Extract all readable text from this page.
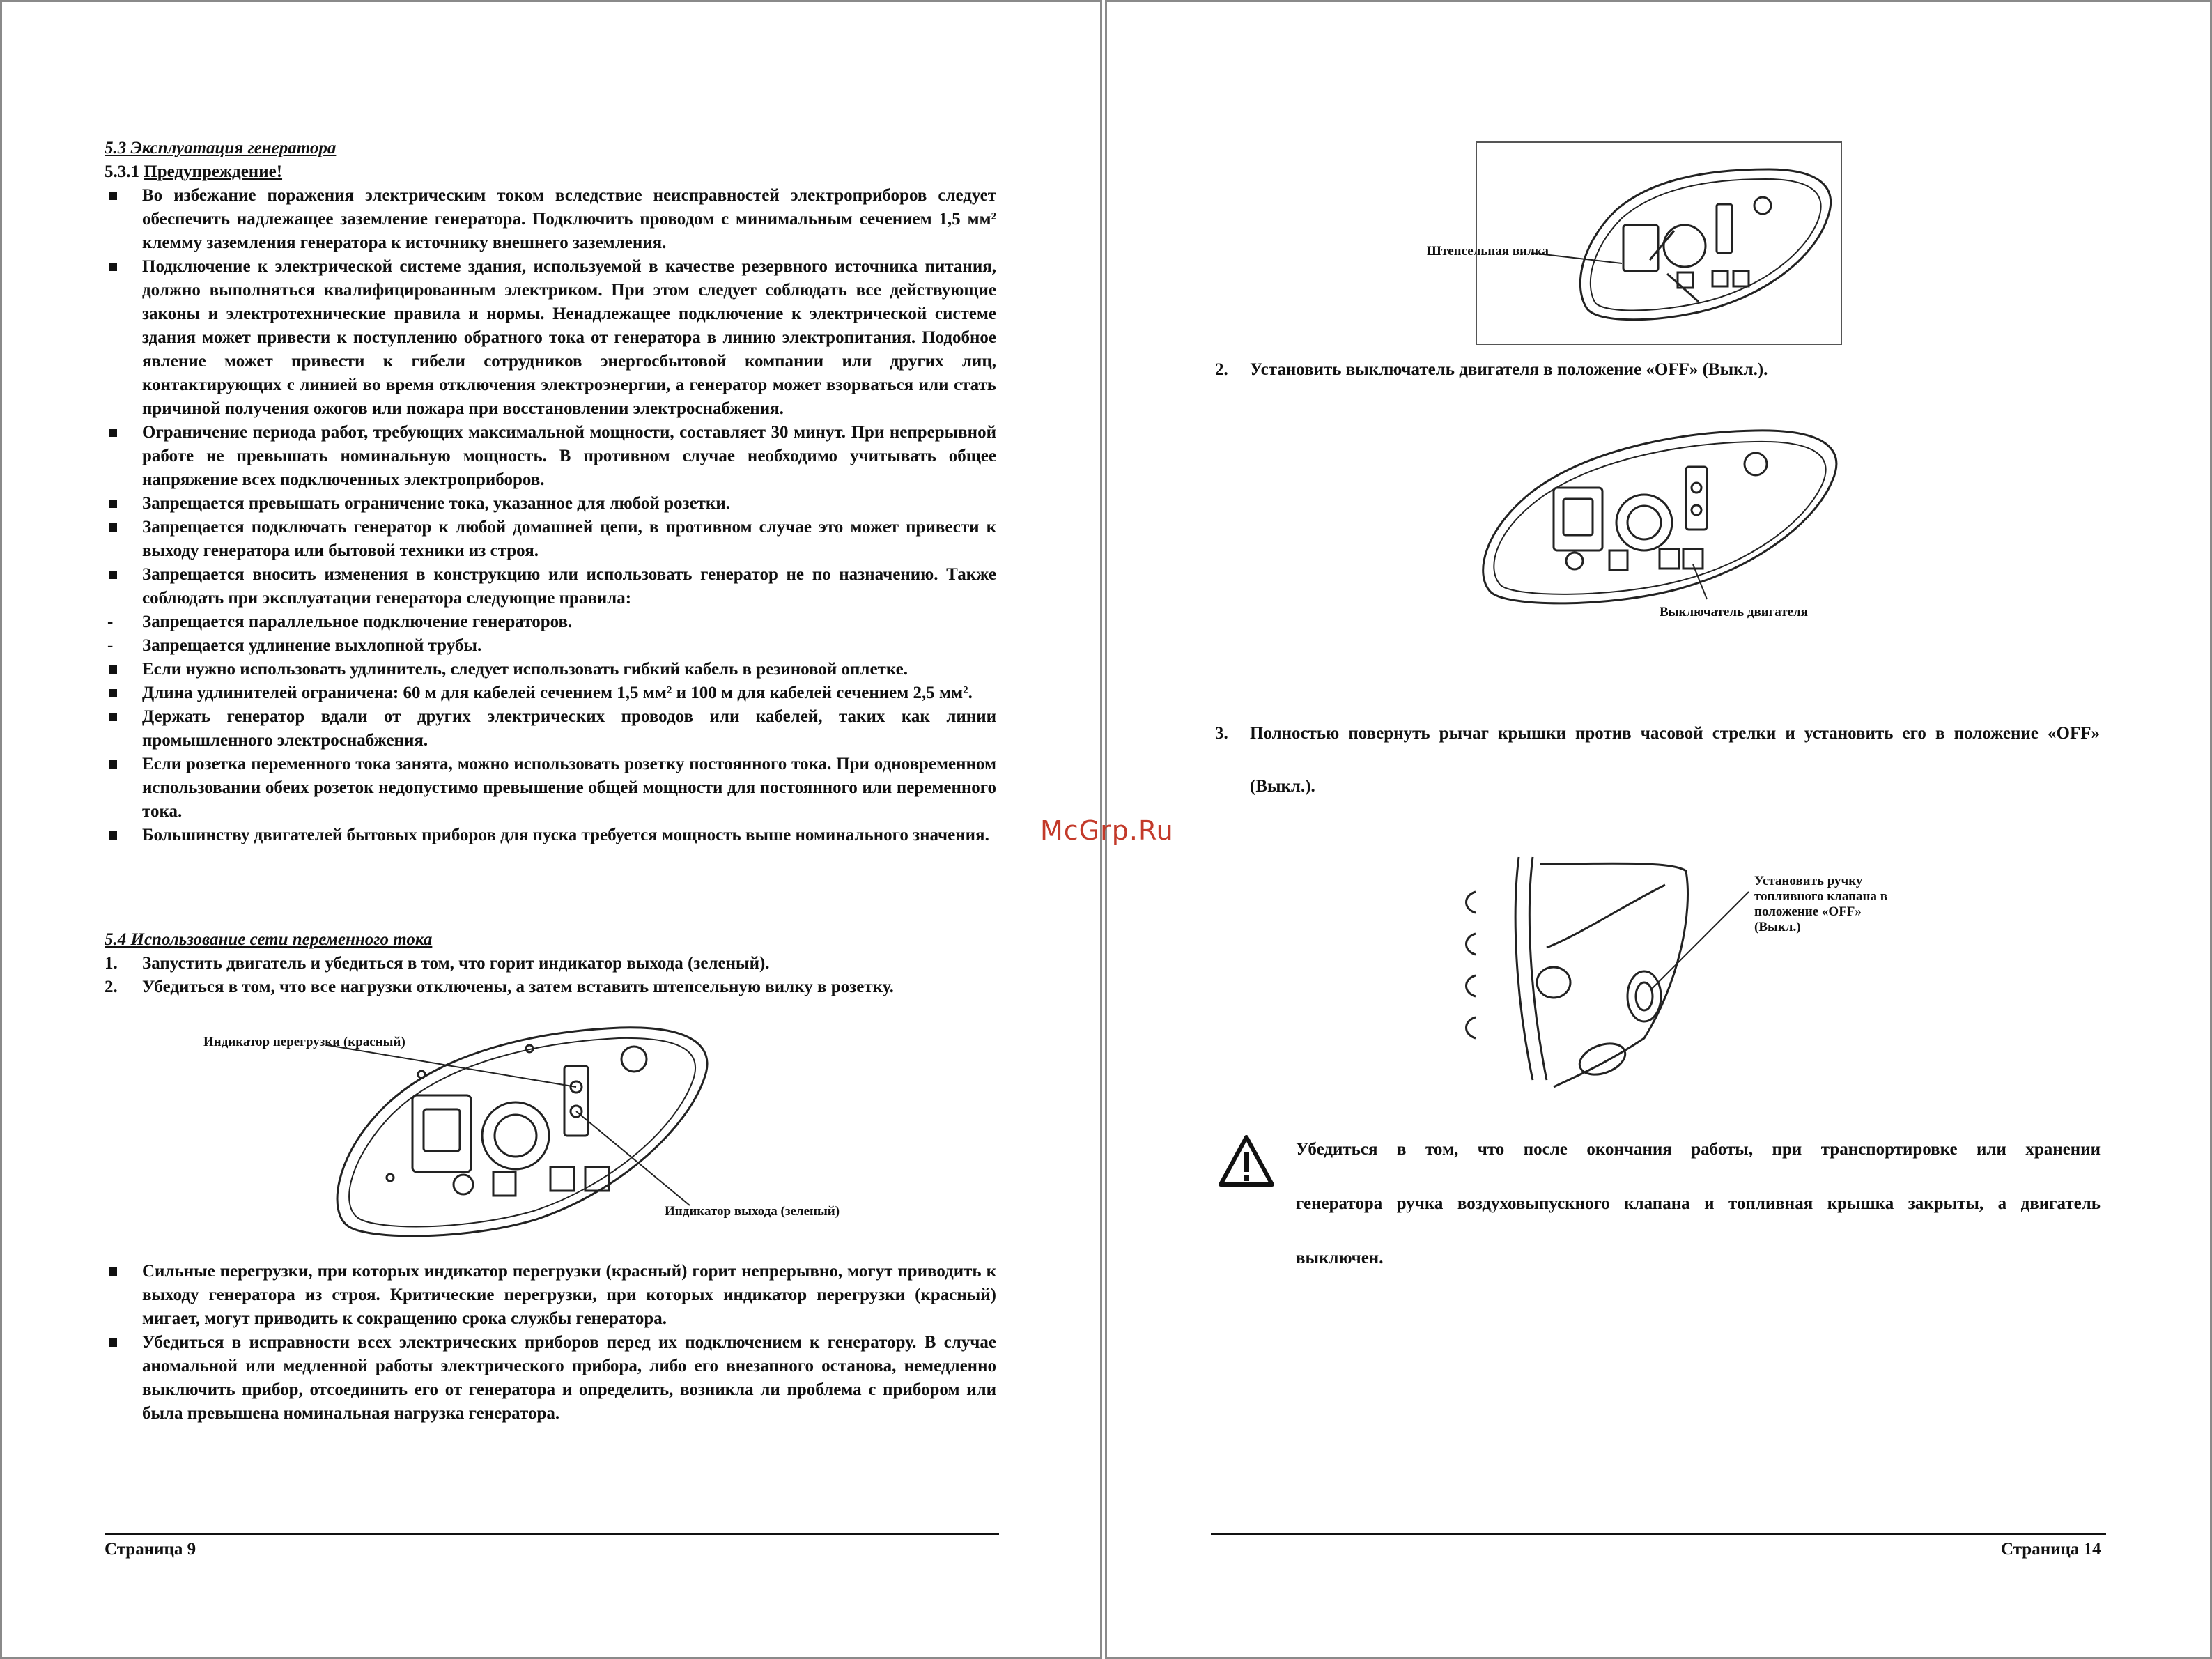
5.3 Эксплуатация генератора
5.3.1 Предупреждение!
Во избежание поражения электрическим током вследствие неисправностей электроприборов следует обеспечить надлежащее заземление генератора. Подключить проводом с минимальным сечением 1,5 мм² клемму заземления генератора к источнику внешнего заземления.
Подключение к электрической системе здания, используемой в качестве резервного источника питания, должно выполняться квалифицированным электриком. При этом следует соблюдать все действующие законы и электротехнические правила и нормы. Ненадлежащее подключение к электрической системе здания может привести к поступлению обратного тока от генератора в линию электропитания. Подобное явление может привести к гибели сотрудников энергосбытовой компании или других лиц, контактирующих с линией во время отключения электроэнергии, а генератор может взорваться или стать причиной получения ожогов или пожара при восстановлении электроснабжения.
Ограничение периода работ, требующих максимальной мощности, составляет 30 минут. При непрерывной работе не превышать номинальную мощность. В противном случае необходимо учитывать общее напряжение всех подключенных электроприборов.
Запрещается превышать ограничение тока, указанное для любой розетки.
Запрещается подключать генератор к любой домашней цепи, в противном случае это может привести к выходу генератора или бытовой техники из строя.
Запрещается вносить изменения в конструкцию или использовать генератор не по назначению. Также соблюдать при эксплуатации генератора следующие правила:
Запрещается параллельное подключение генераторов.
Запрещается удлинение выхлопной трубы.
Если нужно использовать удлинитель, следует использовать гибкий кабель в резиновой оплетке.
Длина удлинителей ограничена: 60 м для кабелей сечением 1,5 мм² и 100 м для кабелей сечением 2,5 мм².
Держать генератор вдали от других электрических проводов или кабелей, таких как линии промышленного электроснабжения.
Если розетка переменного тока занята, можно использовать розетку постоянного тока. При одновременном использовании обеих розеток недопустимо превышение общей мощности для постоянного или переменного тока.
Большинству двигателей бытовых приборов для пуска требуется мощность выше номинального значения.
5.4 Использование сети переменного тока
1. Запустить двигатель и убедиться в том, что горит индикатор выхода (зеленый).
2. Убедиться в том, что все нагрузки отключены, а затем вставить штепсельную вилку в розетку.
Индикатор перегрузки (красный)
Индикатор выхода (зеленый)
Сильные перегрузки, при которых индикатор перегрузки (красный) горит непрерывно, могут приводить к выходу генератора из строя. Критические перегрузки, при которых индикатор перегрузки (красный) мигает, могут приводить к сокращению срока службы генератора.
Убедиться в исправности всех электрических приборов перед их подключением к генератору. В случае аномальной или медленной работы электрического прибора, либо его внезапного останова, немедленно выключить прибор, отсоединить его от генератора и определить, возникла ли проблема с прибором или была превышена номинальная нагрузка генератора.
Страница 9
Штепсельная вилка
2. Установить выключатель двигателя в положение «OFF» (Выкл.).
Выключатель двигателя
3. Полностью повернуть рычаг крышки против часовой стрелки и установить его в положение «OFF»
(Выкл.).
McGrp.Ru
Установить ручку
топливного клапана в
положение «OFF»
(Выкл.)
Убедиться в том, что после окончания работы, при транспортировке или хранении
генератора ручка воздуховыпускного клапана и топливная крышка закрыты, а двигатель
выключен.
Страница 14
